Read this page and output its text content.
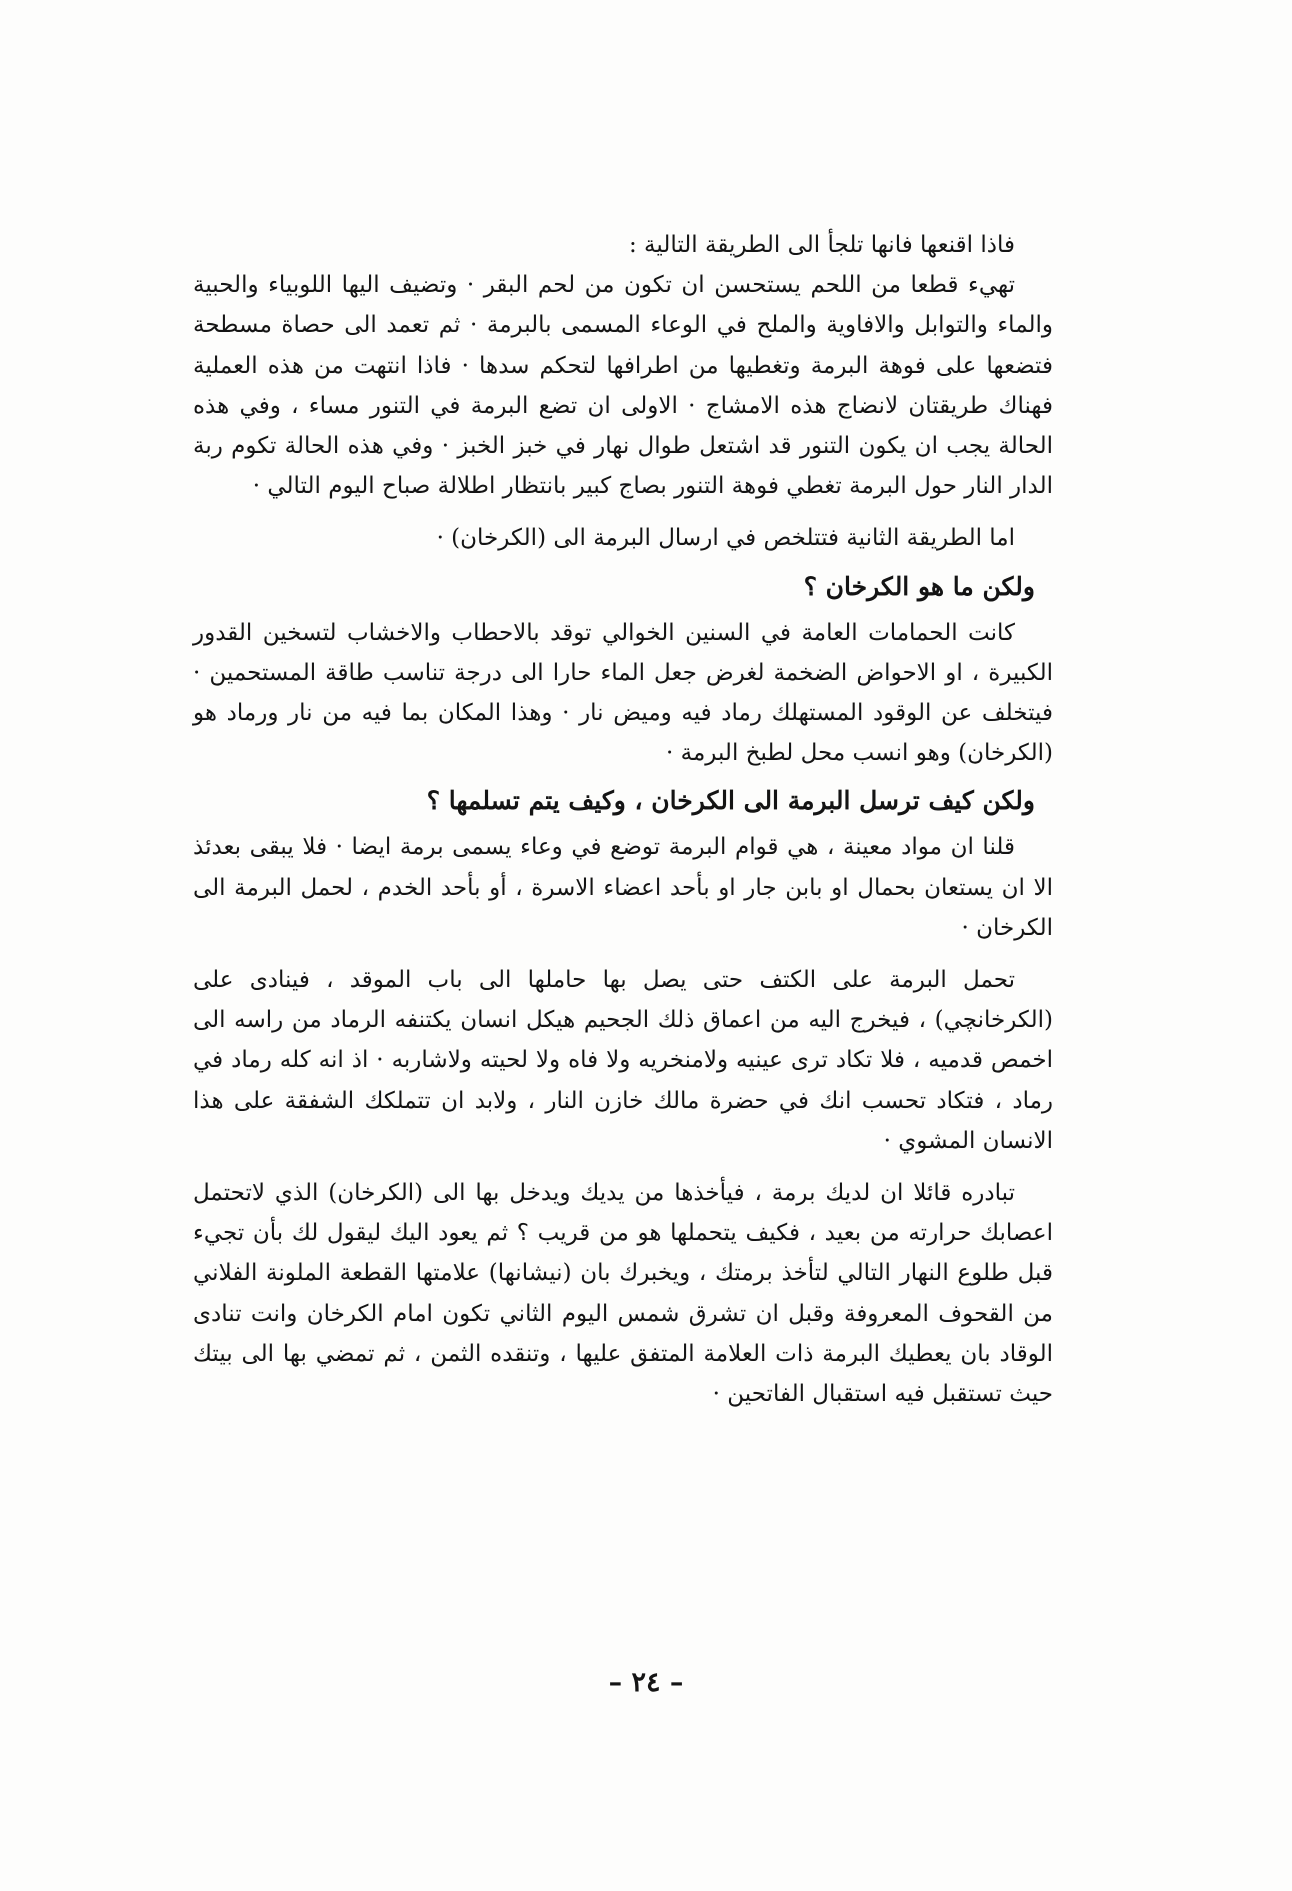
فاذا اقنعها فانها تلجأ الى الطريقة التالية :

تهيء قطعا من اللحم يستحسن ان تكون من لحم البقر · وتضيف اليها اللوبياء والحبية والماء والتوابل والافاوية والملح في الوعاء المسمى بالبرمة · ثم تعمد الى حصاة مسطحة فتضعها على فوهة البرمة وتغطيها من اطرافها لتحكم سدها · فاذا انتهت من هذه العملية فهناك طريقتان لانضاج هذه الامشاج · الاولى ان تضع البرمة في التنور مساء ، وفي هذه الحالة يجب ان يكون التنور قد اشتعل طوال نهار في خبز الخبز · وفي هذه الحالة تكوم ربة الدار النار حول البرمة تغطي فوهة التنور بصاج كبير بانتظار اطلالة صباح اليوم التالي ·

اما الطريقة الثانية فتتلخص في ارسال البرمة الى (الكرخان) ·

ولكن ما هو الكرخان ؟

كانت الحمامات العامة في السنين الخوالي توقد بالاحطاب والاخشاب لتسخين القدور الكبيرة ، او الاحواض الضخمة لغرض جعل الماء حارا الى درجة تناسب طاقة المستحمين · فيتخلف عن الوقود المستهلك رماد فيه وميض نار · وهذا المكان بما فيه من نار ورماد هو (الكرخان) وهو انسب محل لطبخ البرمة ·

ولكن كيف ترسل البرمة الى الكرخان ، وكيف يتم تسلمها ؟

قلنا ان مواد معينة ، هي قوام البرمة توضع في وعاء يسمى برمة ايضا · فلا يبقى بعدئذ الا ان يستعان بحمال او بابن جار او بأحد اعضاء الاسرة ، أو بأحد الخدم ، لحمل البرمة الى الكرخان ·

تحمل البرمة على الكتف حتى يصل بها حاملها الى باب الموقد ، فينادى على (الكرخانچي) ، فيخرج اليه من اعماق ذلك الجحيم هيكل انسان يكتنفه الرماد من راسه الى اخمص قدميه ، فلا تكاد ترى عينيه ولامنخريه ولا فاه ولا لحيته ولاشاربه · اذ انه كله رماد في رماد ، فتكاد تحسب انك في حضرة مالك خازن النار ، ولابد ان تتملكك الشفقة على هذا الانسان المشوي ·

تبادره قائلا ان لديك برمة ، فيأخذها من يديك ويدخل بها الى (الكرخان) الذي لاتحتمل اعصابك حرارته من بعيد ، فكيف يتحملها هو من قريب ؟ ثم يعود اليك ليقول لك بأن تجيء قبل طلوع النهار التالي لتأخذ برمتك ، ويخبرك بان (نيشانها) علامتها القطعة الملونة الفلاني من القحوف المعروفة وقبل ان تشرق شمس اليوم الثاني تكون امام الكرخان وانت تنادى الوقاد بان يعطيك البرمة ذات العلامة المتفق عليها ، وتنقده الثمن ، ثم تمضي بها الى بيتك حيث تستقبل فيه استقبال الفاتحين ·

– ٢٤ –
